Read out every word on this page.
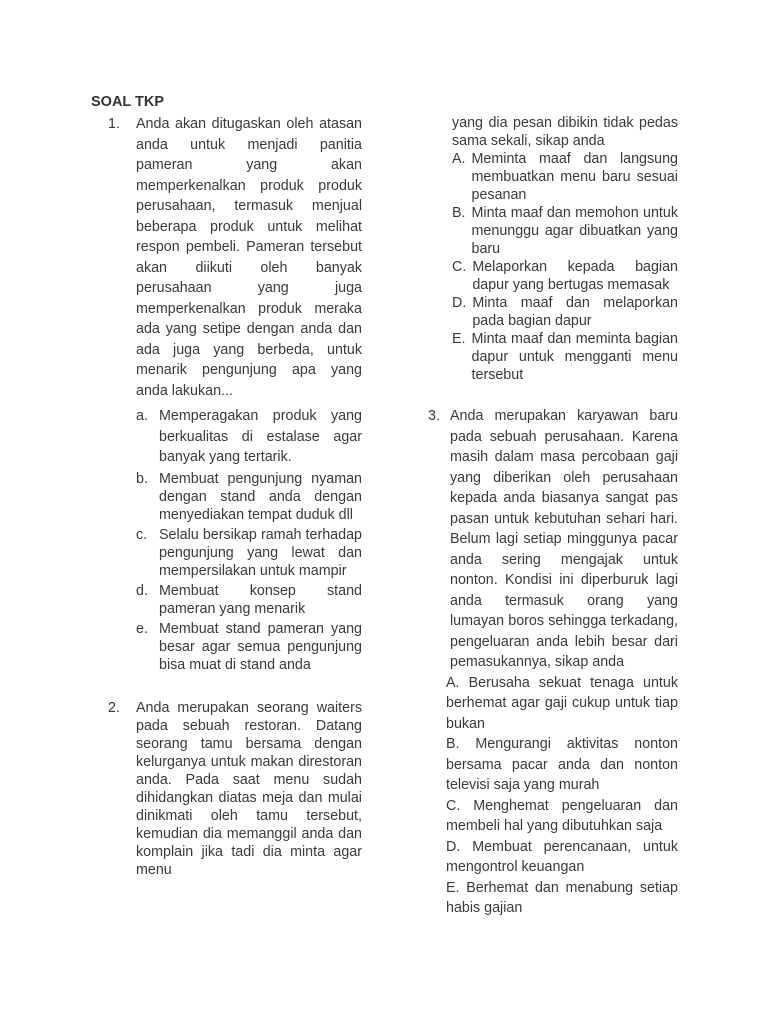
SOAL TKP
1.	Anda akan ditugaskan oleh atasan anda untuk menjadi panitia pameran yang akan memperkenalkan produk produk perusahaan, termasuk menjual beberapa produk untuk melihat respon pembeli. Pameran tersebut akan diikuti oleh banyak perusahaan yang juga memperkenalkan produk meraka ada yang setipe dengan anda dan ada juga yang berbeda, untuk menarik pengunjung apa yang anda lakukan...
a. Memperagakan produk yang berkualitas di estalase agar banyak yang tertarik.
b. Membuat pengunjung nyaman dengan stand anda dengan menyediakan tempat duduk dll
c. Selalu bersikap ramah terhadap pengunjung yang lewat dan mempersilakan untuk mampir
d. Membuat konsep stand pameran yang menarik
e. Membuat stand pameran yang besar agar semua pengunjung bisa muat di stand anda
2.	Anda merupakan seorang waiters pada sebuah restoran. Datang seorang tamu bersama dengan kelurganya untuk makan direstoran anda. Pada saat menu sudah dihidangkan diatas meja dan mulai dinikmati oleh tamu tersebut, kemudian dia memanggil anda dan komplain jika tadi dia minta agar menu
yang dia pesan dibikin tidak pedas sama sekali, sikap anda
A. Meminta maaf dan langsung membuatkan menu baru sesuai pesanan
B. Minta maaf dan memohon untuk menunggu agar dibuatkan yang baru
C. Melaporkan kepada bagian dapur yang bertugas memasak
D. Minta maaf dan melaporkan pada bagian dapur
E. Minta maaf dan meminta bagian dapur untuk mengganti menu tersebut
3. Anda merupakan karyawan baru pada sebuah perusahaan. Karena masih dalam masa percobaan gaji yang diberikan oleh perusahaan kepada anda biasanya sangat pas pasan untuk kebutuhan sehari hari. Belum lagi setiap minggunya pacar anda sering mengajak untuk nonton. Kondisi ini diperburuk lagi anda termasuk orang yang lumayan boros sehingga terkadang, pengeluaran anda lebih besar dari pemasukannya, sikap anda
A. Berusaha sekuat tenaga untuk berhemat agar gaji cukup untuk tiap bukan
B. Mengurangi aktivitas nonton bersama pacar anda dan nonton televisi saja yang murah
C. Menghemat pengeluaran dan membeli hal yang dibutuhkan saja
D. Membuat perencanaan, untuk mengontrol keuangan
E. Berhemat dan menabung setiap habis gajian
